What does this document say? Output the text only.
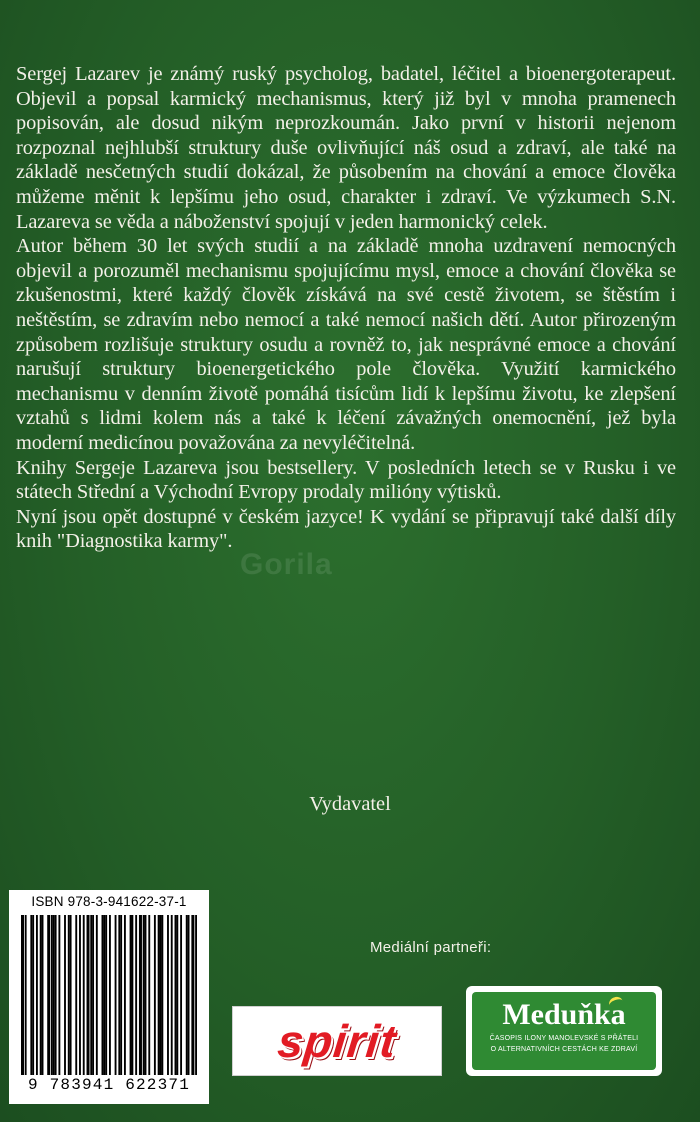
Sergej Lazarev je známý ruský psycholog, badatel, léčitel a bioenergoterapeut. Objevil a popsal karmický mechanismus, který již byl v mnoha pramenech popisován, ale dosud nikým neprozkoumán. Jako první v historii nejenom rozpoznal nejhlubší struktury duše ovlivňující náš osud a zdraví, ale také na základě nesčetných studií dokázal, že působením na chování a emoce člověka můžeme měnit k lepšímu jeho osud, charakter i zdraví. Ve výzkumech S.N. Lazareva se věda a náboženství spojují v jeden harmonický celek.

Autor během 30 let svých studií a na základě mnoha uzdravení nemocných objevil a porozuměl mechanismu spojujícímu mysl, emoce a chování člověka se zkušenostmi, které každý člověk získává na své cestě životem, se štěstím i neštěstím, se zdravím nebo nemocí a také nemocí našich dětí. Autor přirozeným způsobem rozlišuje struktury osudu a rovněž to, jak nesprávné emoce a chování narušují struktury bioenergetického pole člověka. Využití karmického mechanismu v denním životě pomáhá tisícům lidí k lepšímu životu, ke zlepšení vztahů s lidmi kolem nás a také k léčení závažných onemocnění, jež byla moderní medicínou považována za nevyléčitelná.

Knihy Sergeje Lazareva jsou bestsellery. V posledních letech se v Rusku i ve státech Střední a Východní Evropy prodaly milióny výtisků.

Nyní jsou opět dostupné v českém jazyce! K vydání se připravují také další díly knih "Diagnostika karmy".

Gorila
Vydavatel
ISBN 978-3-941622-37-1
9 783941 622371
Mediální partneři:
spirit
Meduňka
ČASOPIS ILONY MANOLEVSKÉ S PŘÁTELI
O ALTERNATIVNÍCH CESTÁCH KE ZDRAVÍ
